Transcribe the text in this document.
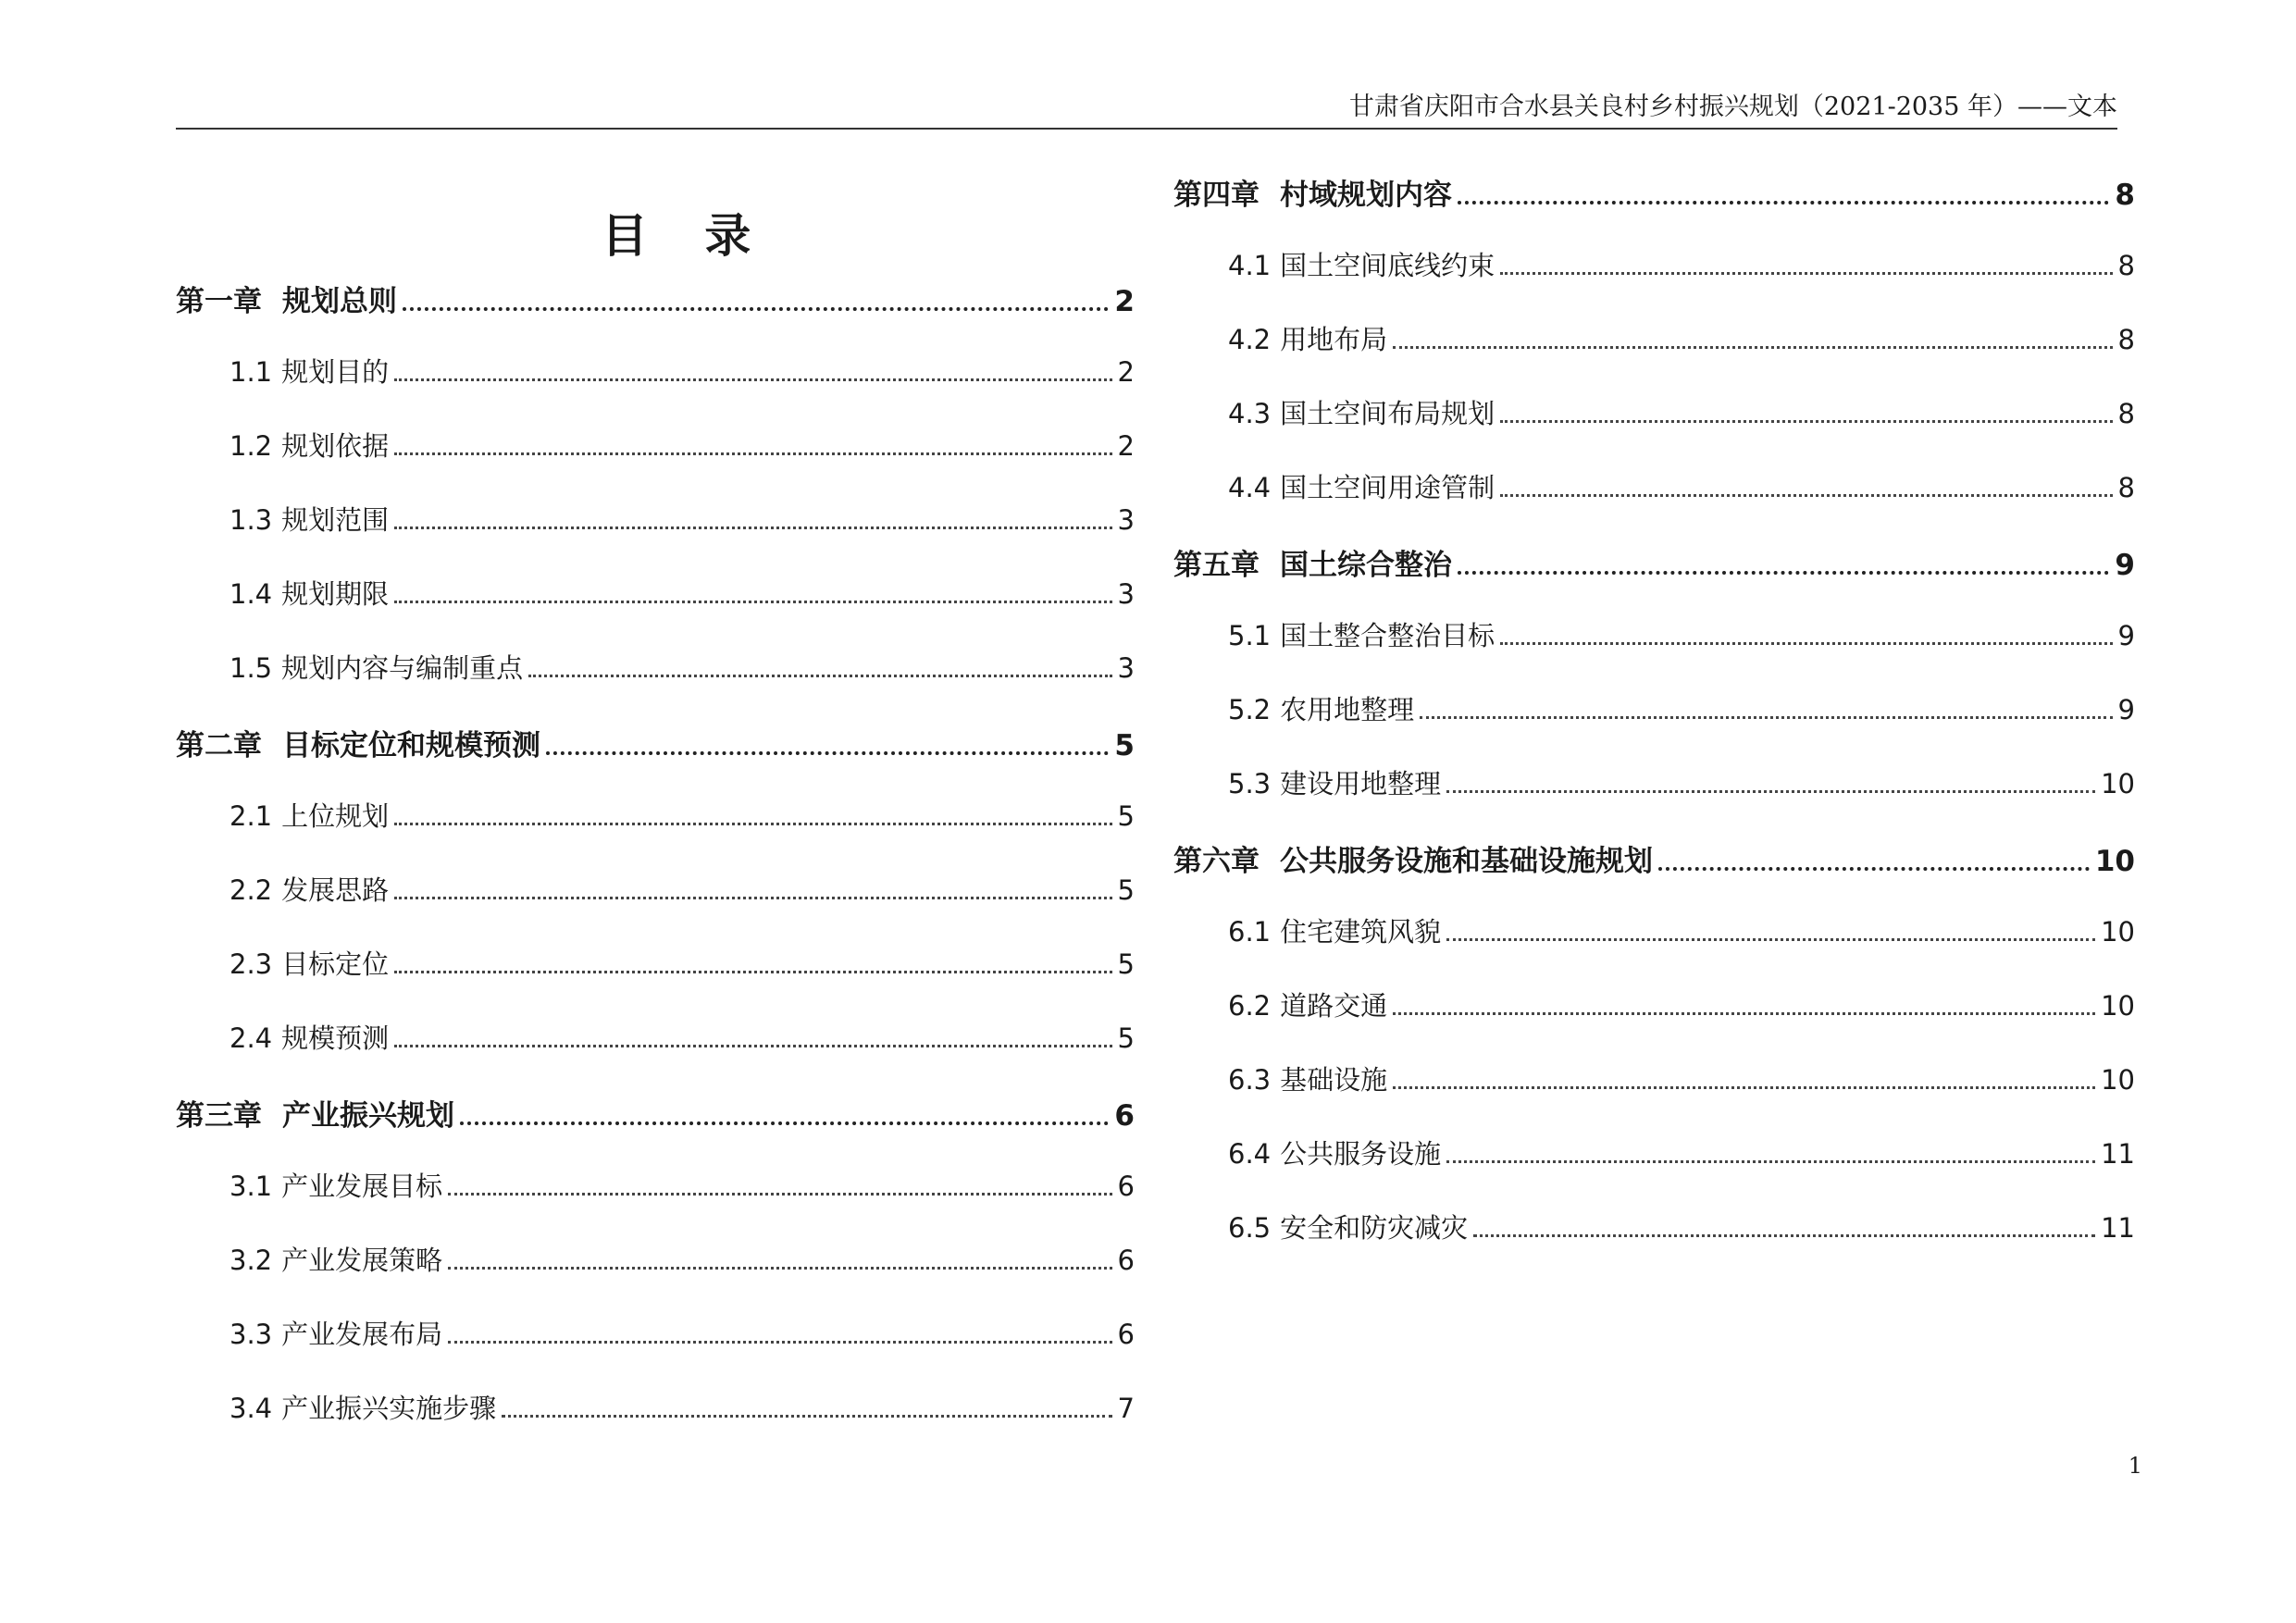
甘肃省庆阳市合水县关良村乡村振兴规划（2021-2035 年）——文本
目 录
第一章 规划总则	2
1.1 规划目的	2
1.2 规划依据	2
1.3 规划范围	3
1.4 规划期限	3
1.5 规划内容与编制重点	3
第二章 目标定位和规模预测	5
2.1 上位规划	5
2.2 发展思路	5
2.3 目标定位	5
2.4 规模预测	5
第三章 产业振兴规划	6
3.1 产业发展目标	6
3.2 产业发展策略	6
3.3 产业发展布局	6
3.4 产业振兴实施步骤	7
第四章 村域规划内容	8
4.1 国土空间底线约束	8
4.2 用地布局	8
4.3 国土空间布局规划	8
4.4 国土空间用途管制	8
第五章 国土综合整治	9
5.1 国土整合整治目标	9
5.2 农用地整理	9
5.3 建设用地整理	10
第六章 公共服务设施和基础设施规划	10
6.1 住宅建筑风貌	10
6.2 道路交通	10
6.3 基础设施	10
6.4 公共服务设施	11
6.5 安全和防灾减灾	11
1
